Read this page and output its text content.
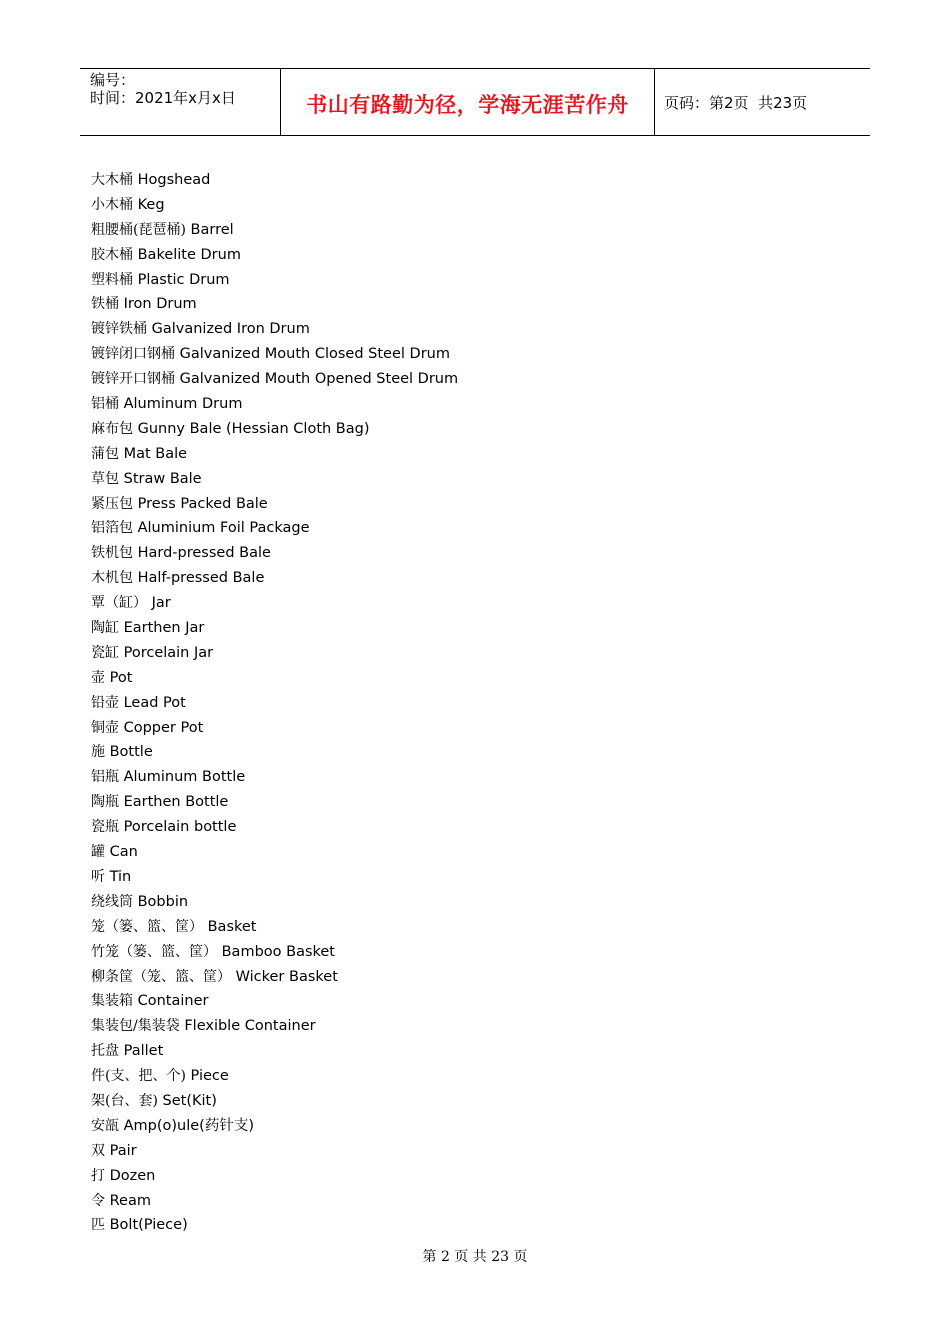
编号：
时间：2021年x月x日	书山有路勤为径，学海无涯苦作舟 页码：第2页  共23页
大木桶 Hogshead
小木桶 Keg
粗腰桶(琵琶桶) Barrel
胶木桶 Bakelite Drum
塑料桶 Plastic Drum
铁桶 Iron Drum
镀锌铁桶 Galvanized Iron Drum
镀锌闭口钢桶 Galvanized Mouth Closed Steel Drum
镀锌开口钢桶 Galvanized Mouth Opened Steel Drum
铝桶 Aluminum Drum
麻布包 Gunny Bale (Hessian Cloth Bag)
蒲包 Mat Bale
草包 Straw Bale
紧压包 Press Packed Bale
铝箔包 Aluminium Foil Package
铁机包 Hard-pressed Bale
木机包 Half-pressed Bale
覃（缸） Jar
陶缸 Earthen Jar
瓷缸 Porcelain Jar
壶 Pot
铅壶 Lead Pot
铜壶 Copper Pot
施 Bottle
铝瓶 Aluminum Bottle
陶瓶 Earthen Bottle
瓷瓶 Porcelain bottle
罐 Can
听 Tin
绕线筒 Bobbin
笼（篓、篮、筐） Basket
竹笼（篓、篮、筐） Bamboo Basket
柳条筐（笼、篮、筐） Wicker Basket
集装箱 Container
集装包/集装袋 Flexible Container
托盘 Pallet
件(支、把、个) Piece
架(台、套) Set(Kit)
安瓿 Amp(o)ule(药针支)
双 Pair
打 Dozen
令 Ream
匹 Bolt(Piece)
第 2 页 共 23 页
